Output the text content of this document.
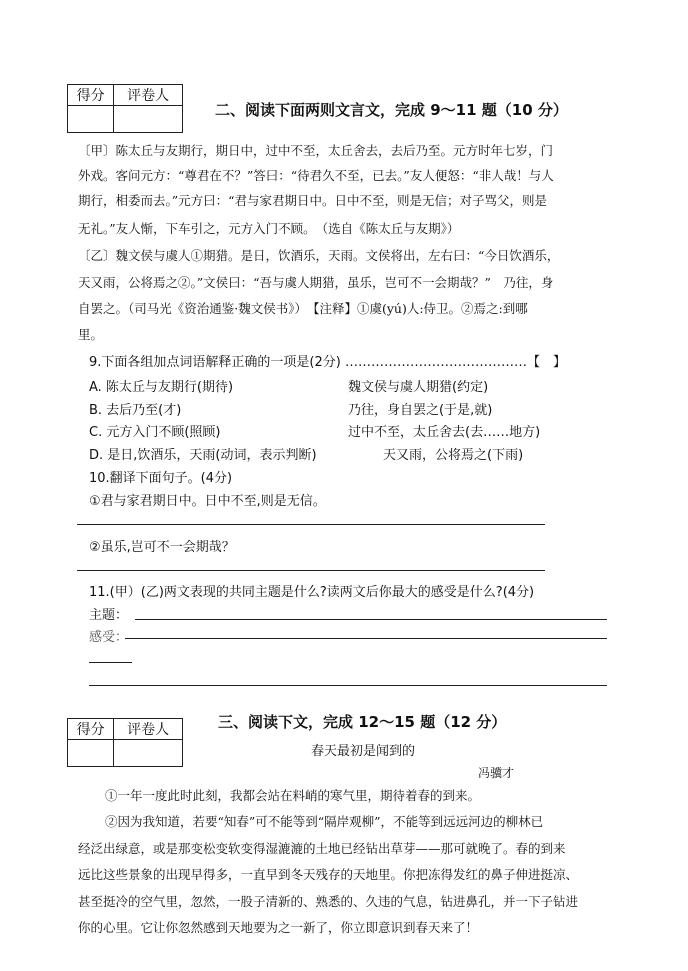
得分	评卷人

二、阅读下面两则文言文，完成 9～11 题（10 分）
〔甲〕陈太丘与友期行，期日中，过中不至，太丘舍去，去后乃至。元方时年七岁，门
外戏。客问元方：“尊君在不？”答曰：“待君久不至，已去。”友人便怒：“非人哉！与人
期行，相委而去。”元方曰：“君与家君期日中。日中不至，则是无信；对子骂父，则是
无礼。”友人惭，下车引之，元方入门不顾。　（选自《陈太丘与友期》）
〔乙〕魏文侯与虞人①期猎。是日，饮酒乐，天雨。文侯将出，左右曰：“今日饮酒乐，
天又雨，公将焉之②。”文侯曰：“吾与虞人期猎，虽乐，岂可不一会期哉？”　乃往，身
自罢之。（司马光《资治通鉴·魏文侯书》）　【注释】①虞(yú)人:侍卫。②焉之:到哪
里。
9.下面各组加点词语解释正确的一项是(2分) ……………………………………【　】
A. 陈太丘与友期行(期待)	魏文侯与虞人期猎(约定)
B. 去后乃至(才)	乃往，身自罢之(于是,就)
C. 元方入门不顾(照顾)	过中不至，太丘舍去(去……地方)
D. 是日,饮酒乐，天雨(动词，表示判断)	天又雨，公将焉之(下雨)
10.翻译下面句子。(4分)
①君与家君期日中。日中不至,则是无信。
②虽乐,岂可不一会期哉？
11.(甲）(乙)两文表现的共同主题是什么?读两文后你最大的感受是什么?(4分)
主题：
感受：
得分	评卷人
		三、阅读下文，完成 12～15 题（12 分）
春天最初是闻到的
冯骥才
①一年一度此时此刻，我都会站在料峭的寒气里，期待着春的到来。
②因为我知道，若要“知春”可不能等到“隔岸观柳”，不能等到远远河边的柳林已
经泛出绿意，或是那变松变软变得湿漉漉的土地已经钻出草芽——那可就晚了。春的到来
远比这些景象的出现早得多，一直早到冬天残存的天地里。你把冻得发红的鼻子伸进挺凉、
甚至挺冷的空气里，忽然，一股子清新的、熟悉的、久违的气息，钻进鼻孔，并一下子钻进
你的心里。它让你忽然感到天地要为之一新了，你立即意识到春天来了！
